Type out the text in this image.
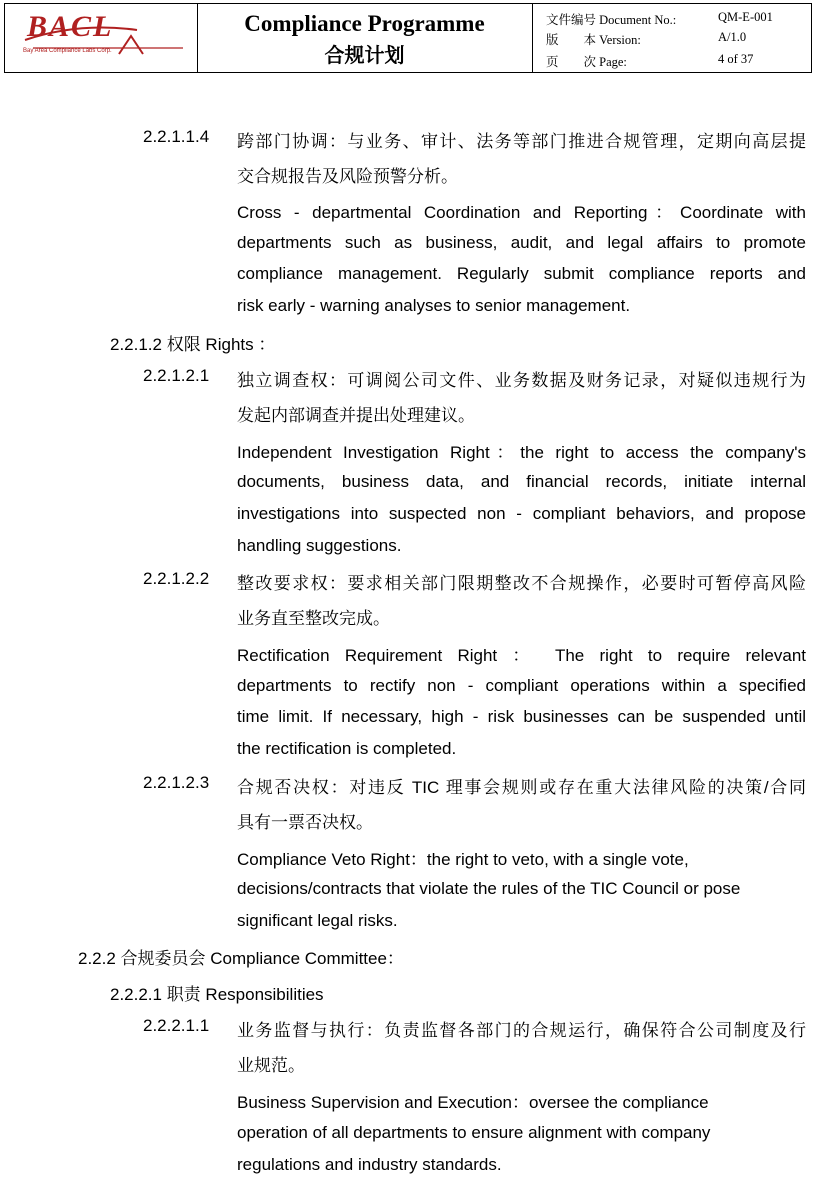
BACL
Bay Area Compliance Labs Corp.
Compliance Programme
合规计划
文件编号 Document No.:	QM-E-001
版　　本 Version:	A/1.0
页　　次 Page:	4 of 37
2.2.1.1.4 跨部门协调：与业务、审计、法务等部门推进合规管理，定期向高层提
交合规报告及风险预警分析。
Cross - departmental Coordination and Reporting：Coordinate with
departments such as business, audit, and legal affairs to promote
compliance management. Regularly submit compliance reports and
risk early - warning analyses to senior management.
2.2.1.2 权限 Rights ：
2.2.1.2.1 独立调查权：可调阅公司文件、业务数据及财务记录，对疑似违规行为
发起内部调查并提出处理建议。
Independent Investigation Right：the right to access the company's
documents, business data, and financial records, initiate internal
investigations into suspected non - compliant behaviors, and propose
handling suggestions.
2.2.1.2.2 整改要求权：要求相关部门限期整改不合规操作，必要时可暂停高风险
业务直至整改完成。
Rectification Requirement Right ： The right to require relevant
departments to rectify non - compliant operations within a specified
time limit. If necessary, high - risk businesses can be suspended until
the rectification is completed.
2.2.1.2.3 合规否决权：对违反 TIC 理事会规则或存在重大法律风险的决策/合同
具有一票否决权。
Compliance Veto Right：the right to veto, with a single vote,
decisions/contracts that violate the rules of the TIC Council or pose
significant legal risks.
2.2.2 合规委员会 Compliance Committee：
2.2.2.1 职责 Responsibilities
2.2.2.1.1 业务监督与执行：负责监督各部门的合规运行，确保符合公司制度及行
业规范。
Business Supervision and Execution：oversee the compliance
operation of all departments to ensure alignment with company
regulations and industry standards.
